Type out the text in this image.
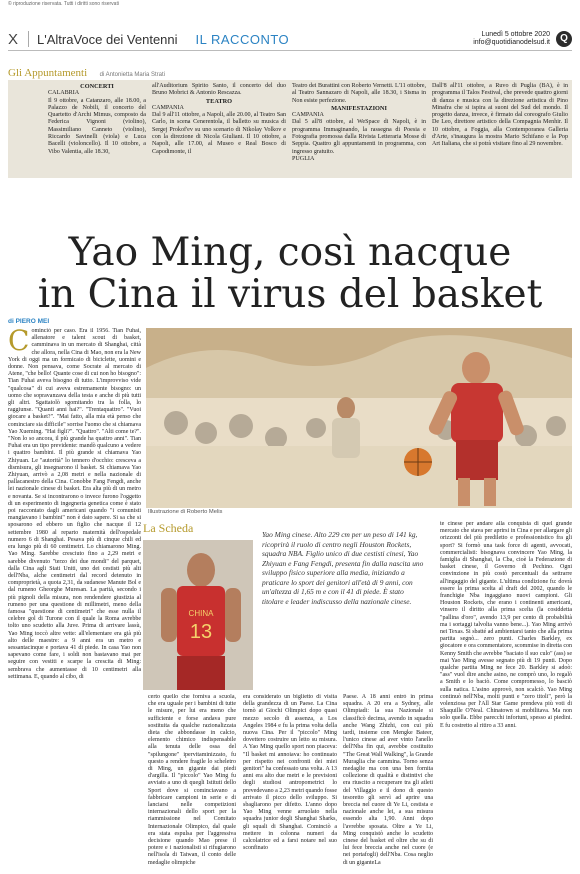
© riproduzione riservata. Tutti i diritti sono riservati
X	L'AltraVoce dei Ventenni IL RACCONTO	Lunedì 5 ottobre 2020
info@quotidianodelsud.it	Q
Gli Appuntamenti di Antonietta Maria Strati
CONCERTI
CALABRIA
Il 9 ottobre, a Catanzaro, alle 18.00, a Palazzo de Nobili, il concerto del Quartetto d'Archi Mimus, composto da Federica Vignoni (violino), Massimiliano Canneto (violino), Riccardo Savinelli (viola) e Luca Bacelli (violoncello). Il 10 ottobre, a Vibo Valentia, alle 18.30,
all'Auditorium Spirito Santo, il concerto del duo Bruno Mobrici & Antonio Rescazza.
TEATRO
CAMPANIA
Dal 9 all'11 ottobre, a Napoli, alle 20.00, al Teatro San Carlo, in scena Cenerentola, il balletto su musica di Sergej Prokof'ev su uno scenario di Nikolay Volkov e con la direzione di Nicola Giuliani. Il 10 ottobre, a Napoli, alle 17.00, al Museo e Real Bosco di Capodimonte, il
Teatro dei Burattini con Roberto Vernetti. L'11 ottobre, al Teatro Sannazaro di Napoli, alle 18.30, i Sisma in Non esiste perfezione.
MANIFESTAZIONI
CAMPANIA
Dal 5 all'8 ottobre, al WeSpace di Napoli, è in programma Immaginando, la rassegna di Poesia e Fotografia promossa dalla Rivista Letteraria Mosse di Seppia. Quattro gli appuntamenti in programma, con ingresso gratuito.
PUGLIA
Dall'8 all'11 ottobre, a Ruvo di Puglia (BA), è in programma il Talos Festival, che prevede quattro giorni di danza e musica con la direzione artistica di Pino Minafra che si ispira ai suoni del Sud del mondo. Il progetto danza, invece, è firmato dal coreografo Giulio De Leo, direttore artistico della Compagnia Menhir. Il 10 ottobre, a Foggia, alla Contemporanea Galleria d'Arte, s'inaugura la mostra Mario Schifano e la Pop Art Italiana, che si potrà visitare fino al 29 novembre.
Yao Ming, così nacque
in Cina il virus del basket
di PIERO MEI
Illustrazione di Roberto Melis
Cominciò per caso. Era il 1956. Tian Fuhai, allenatore e talent scout di basket, camminava in un mercato di Shanghai, città che allora, nella Cina di Mao, non era la New York di oggi ma un formicaio di biciclette, uomini e donne. Non pensava, come Socrate al mercato di Atene, "che bello! Quante cose di cui non ho bisogno": Tian Fuhai aveva bisogno di tutto. L'improvviso vide "qualcosa" di cui aveva estremamente bisogno: un uomo che sopravanzava della testa e anche di più tutti gli altri. Sgattaiolò sgomitando tra la folla, lo raggiunse. "Quanti anni hai?". "Trentaquattro". "Vuoi giocare a basket?". "Mai fatto, alla mia età penso che cominciare sia difficile" sorrise l'uomo che si chiamava Yao Xueming. "Hai figli?". "Quattro". "Alti come te?". "Non lo so ancora, il più grande ha quattro anni". Tian Fuhai era un tipo previdente: mandò qualcuno a vedere i quattro bambini. Il più grande si chiamava Yao Zhiyuan. Le "autorità" lo tennero d'occhio: cresceva a dismisura, gli insegnarono il basket. Si chiamava Yao Zhiyuan, arrivò a 2,08 metri e nella nazionale di pallacanestro della Cina. Conobbe Fang Fengdi, anche lei nazionale cinese di basket. Era alta più di un metro e novanta. Se si incontrarono o invece furono l'oggetto di un esperimento di ingegneria genetica come è stato poi raccontato dagli americani quando "i comunisti mangiavano i bambini" non è dato sapere. Si sa che si sposarono ed ebbero un figlio che nacque il 12 settembre 1980 al reparto maternità dell'ospedale numero 6 di Shanghai. Pesava più di cinque chili ed era lungo più di 60 centimetri. Lo chiamarono Ming. Yao Ming. Sarebbe cresciuto fino a 2,29 metri e sarebbe divenuto "terzo dei due mondi" del parquet, dalla Cina agli Stati Uniti, uno dei cestisti più alti dell'Nba, alche centimetri dal record detenuto in comproprietà, a quota 2,31, da sudanese Manute Bol e dal rumeno Gheorghe Muresan. La parità, secondo i più pignoli della misura, non rendendere giustizia al rumeno per una questione di millimetri, meno della famosa "questione di centimetri" che esse nulla il celebre gol di Turone con il quale la Roma avrebbe tolto uno scudetto alla Juve. Prima di arrivare lassù, Yao Ming toccò altre vette: all'elementare era già più alto delle maestre: a 9 anni era un metro e sessantacinque e portava 41 di piede. In casa Yao non sapevano come fare, i soldi non bastavano mai per seguire con vestiti e scarpe la crescita di Ming: sembrava che aumentasse di 10 centimetri alla settimana. E, quando al cibo, di
La Scheda
CHINA
13
Yao Ming cinese. Alto 229 cm per un peso di 141 kg, ricoprirà il ruolo di centro negli Houston Rockets, squadra NBA. Figlio unico di due cestisti cinesi, Yao Zhiyuan e Fang Fengdi, presenta fin dalla nascita uno sviluppo fisico superiore alla media, iniziando a praticare lo sport dei genitori all'età di 9 anni, con un'altezza di 1,65 m e con il 41 di piede. È stato titolare e leader indiscusso della nazionale cinese.
certo quello che forniva a scuola, che era uguale per i bambini di tutte le misure, per lui era meno che sufficiente e forse andava pure sostituita da qualche razionalizzata dieta che abbondasse in calcio, elemento chimico indispensabile alla tenuta delle ossa del "spilungone" ipervitaminizzato, fu questo a rendere fragile lo scheletro di Ming, un gigante dai piedi d'argilla. Il "piccolo" Yao Ming fu avviato a uno di quegli Istituti dello Sport dove si cominciavano a fabbricare campioni in serie e di lanciarsi nelle competizioni internazionali dello sport per la riammissione nel Comitato Internazionale Olimpico, dal quale era stata espulsa per l'aggressiva decisione quando Mao prese il potere e i nazionalisti si rifugiarono nell'isola di Taiwan, il conto delle medaglie olimpiche
era considerato un biglietto di visita della grandezza di un Paese. La Cina tornò ai Giochi Olimpici dopo quasi mezzo secolo di assenza, a Los Angeles 1984 e fu la prima volta della nuova Cina. Per il "piccolo" Ming dovettero costruire un letto su misura. A Yao Ming quello sport non piaceva: "Il basket mi annoiava: ho continuato per rispetto nei confronti dei miei genitori" ha confessato una volta. A 13 anni era alto due metri e le previsioni degli studiosi antropometrici lo prevedevano a 2,23 metri quando fosse arrivato il picco dello sviluppo. Si sbagliarono per difetto. L'anno dopo Yao Ming venne arruolato nella squadra junior degli Shanghai Sharks, gli squali di Shanghai. Cominciò a mettere in colonna numeri da calcolatrice ed a farsi notare nel suo sconfinato
Paese. A 18 anni entrò in prima squadra. A 20 era a Sydney, alle Olimpiadi: la sua Nazionale si classificò decima, avendo in squadra anche Wang Zhizhi, con cui più tardi, insieme con Mengke Bateer, l'unico cinese ad aver vinto l'anello dell'Nba fin qui, avrebbe costituito "The Great Wall Walking", la Grande Muraglia che cammina. Torno senza medaglie ma con una ben fornita collezione di qualità e distintivi che era riuscito a recuperare tra gli atleti del Villaggio e il dono di questo tesoretto gli servì ad aprire una breccia nel cuore di Ye Li, cestista e nazionale anche lei, a sua misura essendo alta 1,90. Anni dopo l'avrebbe sposata. Oltre a Ye Li, Ming conquistò anche lo scudetto cinese del basket ed oltre che su di lui fece breccia anche nel cuore (e nei portafogli) dell'Nba. Cosa neglio di un giganteLa
te cinese per andare alla conquista di quel grande mercato che stava per aprirsi in Cina e per allargare gli orizzonti del più prediletto e professionistico fra gli sport? Si formò una task force di agenti, avvocati, commercialisti: bisognava convincere Yao Ming, la famiglia di Shanghai, la Cba, cioè la Federazione di basket cinese, il Governo di Pechino. Ogni convinzione in più costò percentuali da settrarre all'ingaggio del gigante. L'ultima condizione fu: dovrà essere la prima scelta al draft del 2002, quando le franchigie Nba ingaggiano nuovi campioni. Gli Houston Rockets, che erano i continenti americani, vinsero il diritto alla prima scelta (la cosiddetta "pallina d'oro", avendo 13,9 per cento di probabilità ma i sortaggi talvolta vanno bene...). Yao Ming arrivò nei Texas. Si sbatté ad ambientarsi tanto che alla prima partita segnò... zero punti. Charles Barkley, ex giocatore e ora commentatore, scommise in diretta con Kenny Smith che avrebbe "baciato il suo culo" (ass) se mai Yao Ming avesse segnato più di 19 punti. Dopo qualche partita Ming ne fece 20. Barkley si adoò: "ass" vuol dire anche asino, ne comprò uno, lo regalò a Smith e lo baciò. Come compromesso, lo basciò sulla natica. L'asino approvò, non scalciò. Yao Ming continuò nell'Nba, molti punti e "zero titoli", però la volenziosa per l'All Star Game prendeva più voti di Shaquille O'Neal. Chinatown si mobilitava. Ma non solo quella. Ebbe parecchi infortuni, spesso ai piedini. E fu costretto al ritiro a 33 anni.
